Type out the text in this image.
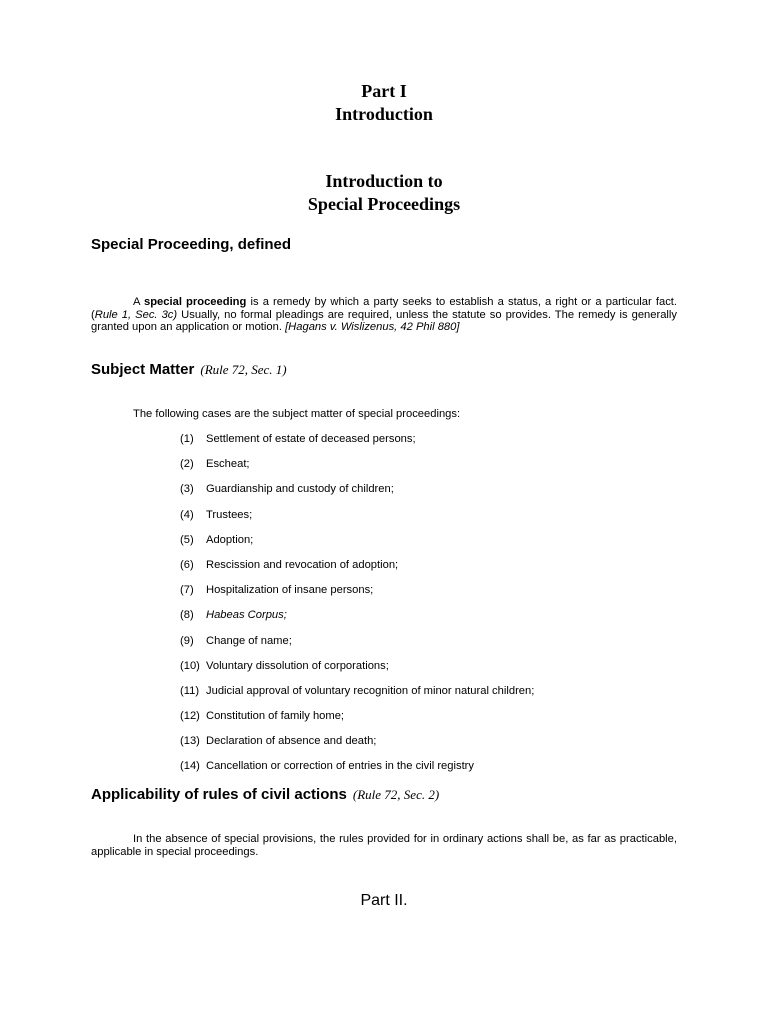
Part I
Introduction
Introduction to
Special Proceedings
Special Proceeding, defined
A special proceeding is a remedy by which a party seeks to establish a status, a right or a particular fact. (Rule 1, Sec. 3c) Usually, no formal pleadings are required, unless the statute so provides. The remedy is generally granted upon an application or motion. [Hagans v. Wislizenus, 42 Phil 880]
Subject Matter (Rule 72, Sec. 1)
The following cases are the subject matter of special proceedings:
(1) Settlement of estate of deceased persons;
(2) Escheat;
(3) Guardianship and custody of children;
(4) Trustees;
(5) Adoption;
(6) Rescission and revocation of adoption;
(7) Hospitalization of insane persons;
(8) Habeas Corpus;
(9) Change of name;
(10) Voluntary dissolution of corporations;
(11) Judicial approval of voluntary recognition of minor natural children;
(12) Constitution of family home;
(13) Declaration of absence and death;
(14) Cancellation or correction of entries in the civil registry
Applicability of rules of civil actions (Rule 72, Sec. 2)
In the absence of special provisions, the rules provided for in ordinary actions shall be, as far as practicable, applicable in special proceedings.
Part II.
